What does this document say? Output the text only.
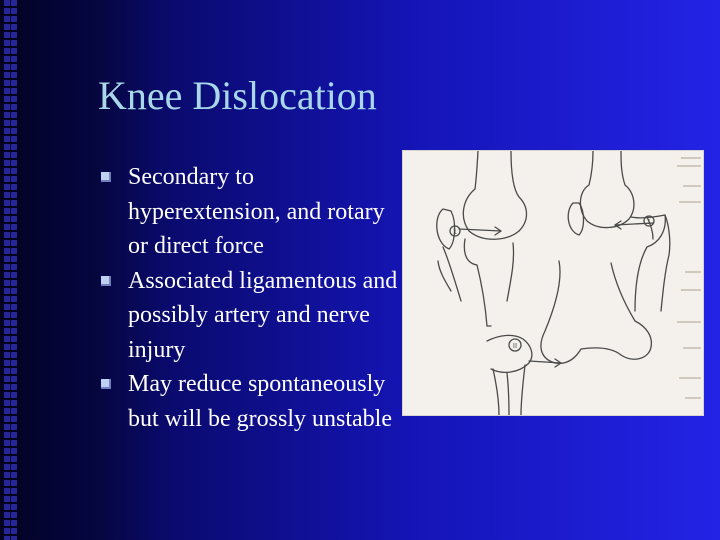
Knee Dislocation
Secondary to hyperextension, and rotary or direct force
Associated ligamentous and possibly artery and nerve injury
May reduce spontaneously but will be grossly unstable
1
1
II
